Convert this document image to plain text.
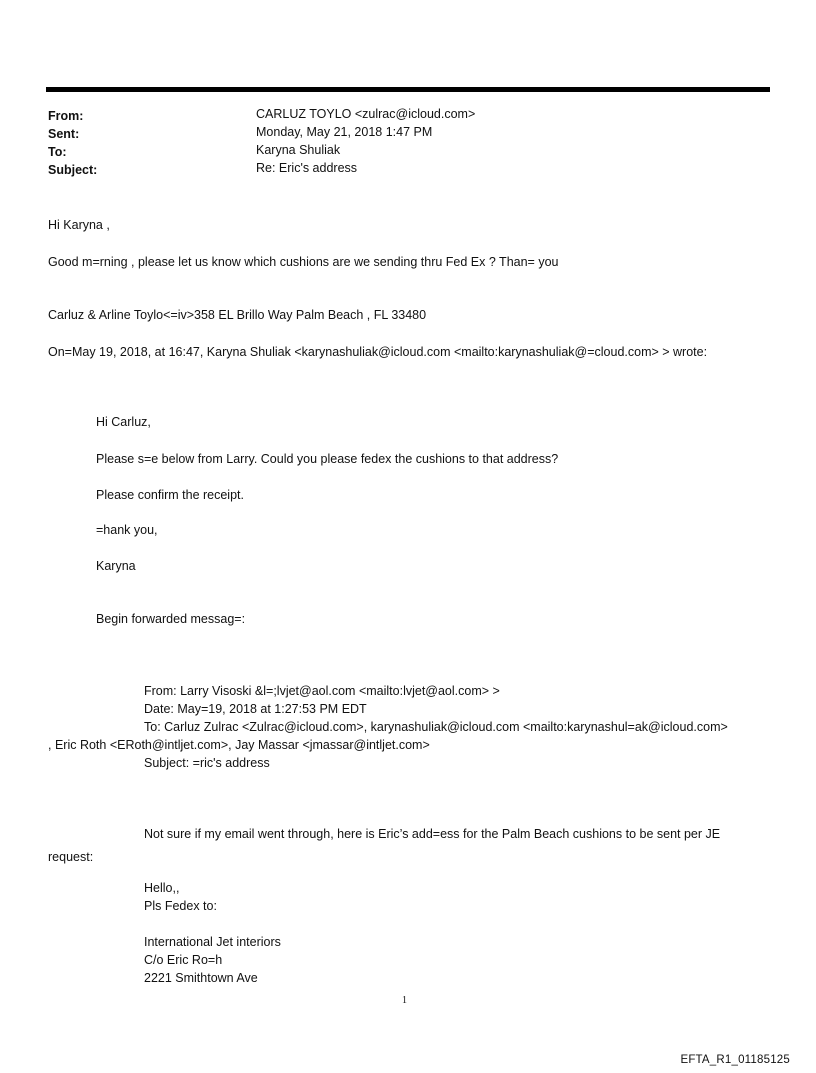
From:	CARLUZ TOYLO <zulrac@icloud.com>
Sent:	Monday, May 21, 2018 1:47 PM
To:	Karyna Shuliak
Subject:	Re: Eric's address
Hi Karyna ,
Good m=rning , please let us know which cushions are we sending thru Fed Ex ? Than= you
Carluz & Arline Toylo<=iv>358 EL Brillo Way Palm Beach , FL 33480
On=May 19, 2018, at 16:47, Karyna Shuliak <karynashuliak@icloud.com <mailto:karynashuliak@=cloud.com> > wrote:
Hi Carluz,
Please s=e below from Larry. Could you please fedex the cushions to that address?
Please confirm the receipt.
=hank you,
Karyna
Begin forwarded messag=:
From: Larry Visoski &l=;lvjet@aol.com <mailto:lvjet@aol.com> >
Date: May=19, 2018 at 1:27:53 PM EDT
To: Carluz Zulrac <Zulrac@icloud.com>, karynashuliak@icloud.com <mailto:karynashul=ak@icloud.com>
, Eric Roth <ERoth@intljet.com>, Jay Massar <jmassar@intljet.com>
Subject: =ric's address
Not sure if my email went through, here is Eric’s add=ess for the Palm Beach cushions to be sent per JE
request:
Hello,,
Pls Fedex to:
International Jet interiors
C/o Eric Ro=h
2221 Smithtown Ave
1
EFTA_R1_01185125
